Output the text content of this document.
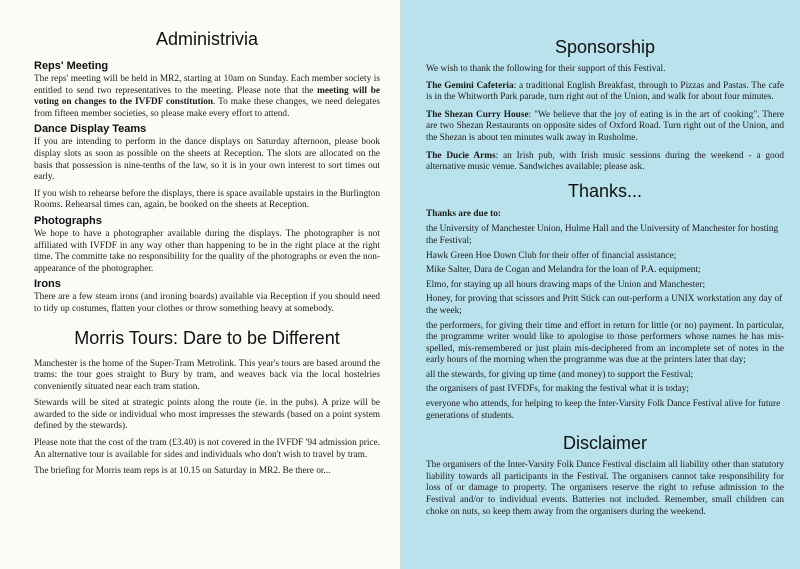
Administrivia
Reps' Meeting

The reps' meeting will be held in MR2, starting at 10am on Sunday. Each member society is entitled to send two representatives to the meeting. Please note that the meeting will be voting on changes to the IVFDF constitution. To make these changes, we need delegates from fifteen member societies, so please make every effort to attend.

Dance Display Teams

If you are intending to perform in the dance displays on Saturday afternoon, please book display slots as soon as possible on the sheets at Reception. The slots are allocated on the basis that possession is nine-tenths of the law, so it is in your own interest to sort times out early.

If you wish to rehearse before the displays, there is space available upstairs in the Burlington Rooms. Rehearsal times can, again, be booked on the sheets at Reception.

Photographs

We hope to have a photographer available during the displays. The photographer is not affiliated with IVFDF in any way other than happening to be in the right place at the right time. The committe take no responsibility for the quality of the photographs or even the non-appearance of the photographer.

Irons

There are a few steam irons (and ironing boards) available via Reception if you should need to tidy up costumes, flatten your clothes or throw something heavy at somebody.

Morris Tours: Dare to be Different

Manchester is the home of the Super-Tram Metrolink. This year's tours are based around the trams: the tour goes straight to Bury by tram, and weaves back via the local hostelries conveniently situated near each tram station.

Stewards will be sited at strategic points along the route (ie. in the pubs). A prize will be awarded to the side or individual who most impresses the stewards (based on a point system defined by the stewards).

Please note that the cost of the tram (£3.40) is not covered in the IVFDF '94 admission price. An alternative tour is available for sides and individuals who don't wish to travel by tram.

The briefing for Morris team reps is at 10.15 on Saturday in MR2. Be there or...

Sponsorship

We wish to thank the following for their support of this Festival.

The Gemini Cafeteria: a traditional English Breakfast, through to Pizzas and Pastas. The cafe is in the Whitworth Park parade, turn right out of the Union, and walk for about four minutes.

The Shezan Curry House: "We believe that the joy of eating is in the art of cooking". There are two Shezan Restaurants on opposite sides of Oxford Road. Turn right out of the Union, and the Shezan is about ten minutes walk away in Rusholme.

The Ducie Arms: an Irish pub, with Irish music sessions during the weekend - a good alternative music venue. Sandwiches available; please ask.

Thanks...

Thanks are due to:

the University of Manchester Union, Hulme Hall and the University of Manchester for hosting the Festival;

Hawk Green Hoe Down Club for their offer of financial assistance;

Mike Salter, Dara de Cogan and Melandra for the loan of P.A. equipment;

Elmo, for staying up all hours drawing maps of the Union and Manchester;

Honey, for proving that scissors and Pritt Stick can out-perform a UNIX workstation any day of the week;

the performers, for giving their time and effort in return for little (or no) payment. In particular, the programme writer would like to apologise to those performers whose names he has mis-spelled, mis-remembered or just plain mis-deciphered from an incomplete set of notes in the early hours of the morning when the programme was due at the printers later that day;

all the stewards, for giving up time (and money) to support the Festival;

the organisers of past IVFDFs, for making the festival what it is today;

everyone who attends, for helping to keep the Inter-Varsity Folk Dance Festival alive for future generations of students.

Disclaimer

The organisers of the Inter-Varsity Folk Dance Festival disclaim all liability other than statutory liability towards all participants in the Festival. The organisers cannot take responsibility for loss of or damage to property. The organisers reserve the right to refuse admission to the Festival and/or to individual events. Batteries not included. Remember, small children can choke on nuts, so keep them away from the organisers during the weekend.
